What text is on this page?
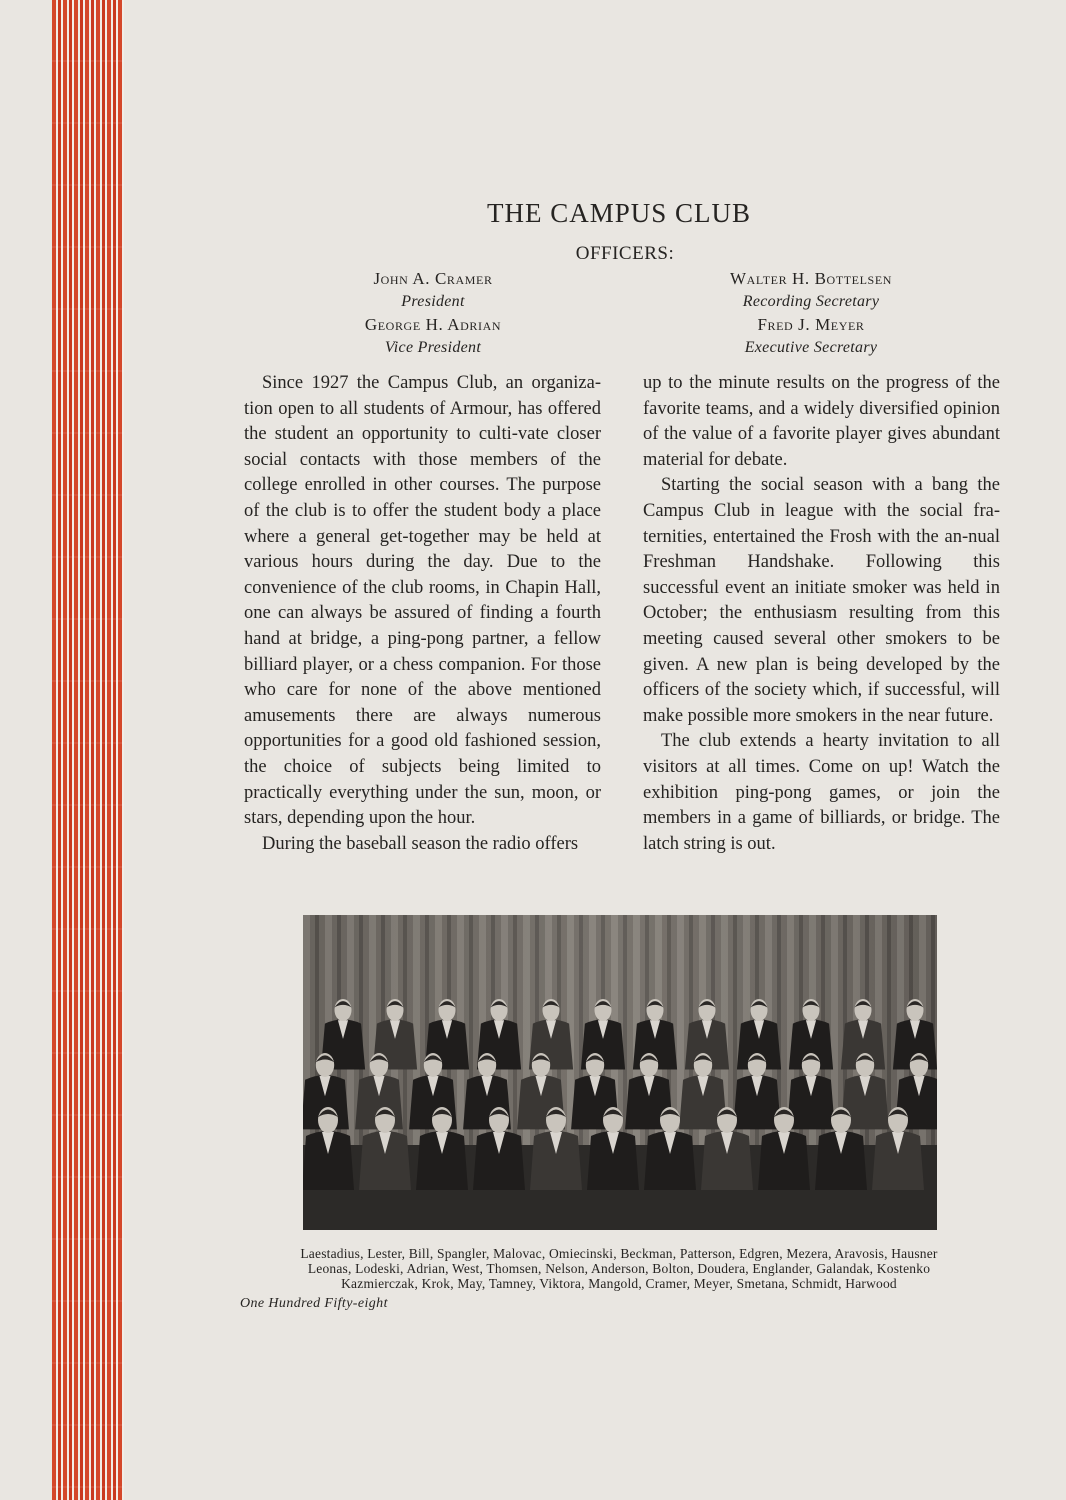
THE CAMPUS CLUB
OFFICERS:
John A. Cramer
President
George H. Adrian
Vice President
Walter H. Bottelsen
Recording Secretary
Fred J. Meyer
Executive Secretary

Since 1927 the Campus Club, an organiza-tion open to all students of Armour, has offered the student an opportunity to culti-vate closer social contacts with those members of the college enrolled in other courses. The purpose of the club is to offer the student body a place where a general get-together may be held at various hours during the day. Due to the convenience of the club rooms, in Chapin Hall, one can always be assured of finding a fourth hand at bridge, a ping-pong partner, a fellow billiard player, or a chess companion. For those who care for none of the above mentioned amusements there are always numerous opportunities for a good old fashioned session, the choice of subjects being limited to practically everything under the sun, moon, or stars, depending upon the hour.

During the baseball season the radio offers

up to the minute results on the progress of the favorite teams, and a widely diversified opinion of the value of a favorite player gives abundant material for debate.

Starting the social season with a bang the Campus Club in league with the social fra-ternities, entertained the Frosh with the an-nual Freshman Handshake. Following this successful event an initiate smoker was held in October; the enthusiasm resulting from this meeting caused several other smokers to be given. A new plan is being developed by the officers of the society which, if successful, will make possible more smokers in the near future.

The club extends a hearty invitation to all visitors at all times. Come on up! Watch the exhibition ping-pong games, or join the members in a game of billiards, or bridge. The latch string is out.

Laestadius, Lester, Bill, Spangler, Malovac, Omiecinski, Beckman, Patterson, Edgren, Mezera, Aravosis, Hausner
Leonas, Lodeski, Adrian, West, Thomsen, Nelson, Anderson, Bolton, Doudera, Englander, Galandak, Kostenko
Kazmierczak, Krok, May, Tamney, Viktora, Mangold, Cramer, Meyer, Smetana, Schmidt, Harwood
One Hundred Fifty-eight
